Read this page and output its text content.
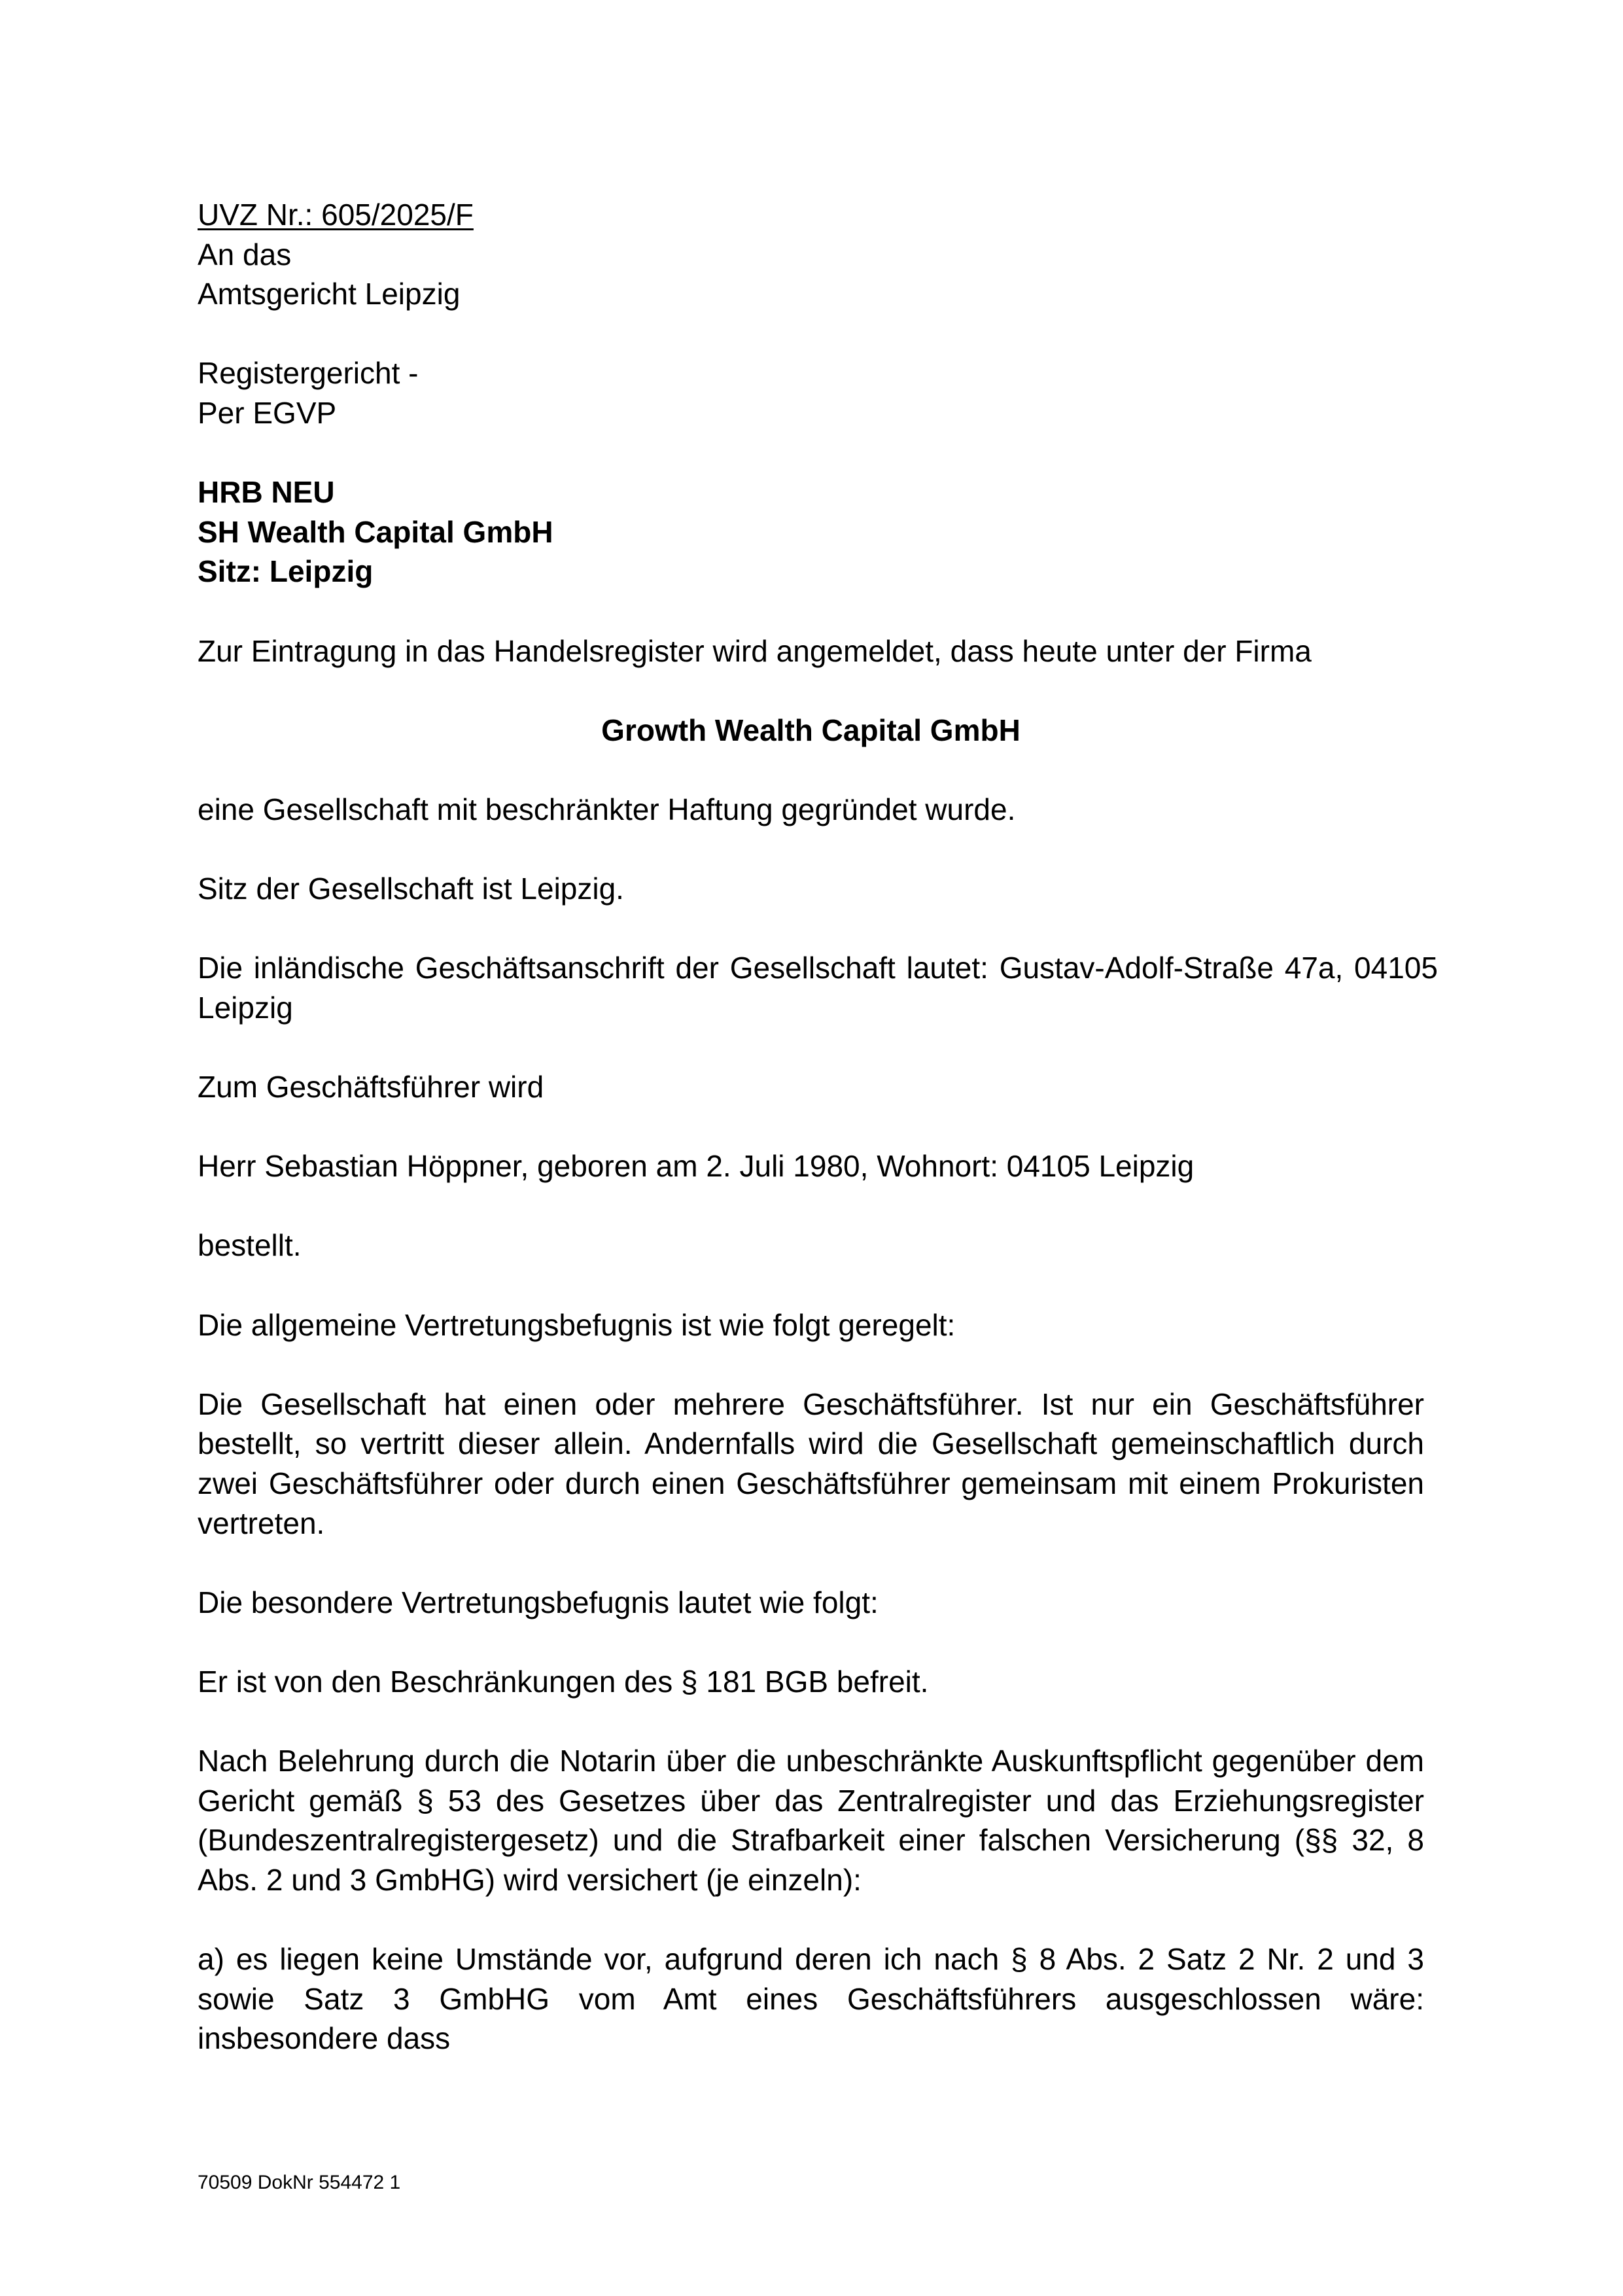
UVZ Nr.: 605/2025/F
An das
Amtsgericht Leipzig
Registergericht -
Per EGVP
HRB NEU
SH Wealth Capital GmbH
Sitz: Leipzig
Zur Eintragung in das Handelsregister wird angemeldet, dass heute unter der Firma
Growth Wealth Capital GmbH
eine Gesellschaft mit beschränkter Haftung gegründet wurde.
Sitz der Gesellschaft ist Leipzig.
Die inländische Geschäftsanschrift der Gesellschaft lautet: Gustav-Adolf-Straße 47a, 04105
Leipzig
Zum Geschäftsführer wird
Herr Sebastian Höppner, geboren am 2. Juli 1980, Wohnort: 04105 Leipzig
bestellt.
Die allgemeine Vertretungsbefugnis ist wie folgt geregelt:

Die Gesellschaft hat einen oder mehrere Geschäftsführer. Ist nur ein Geschäftsführer bestellt, so vertritt dieser allein. Andernfalls wird die Gesellschaft gemeinschaftlich durch zwei Geschäftsführer oder durch einen Geschäftsführer gemeinsam mit einem Prokuristen vertreten.

Die besondere Vertretungsbefugnis lautet wie folgt:
Er ist von den Beschränkungen des § 181 BGB befreit.

Nach Belehrung durch die Notarin über die unbeschränkte Auskunftspflicht gegenüber dem Gericht gemäß § 53 des Gesetzes über das Zentralregister und das Erziehungsregister (Bundeszentralregistergesetz) und die Strafbarkeit einer falschen Versicherung (§§ 32, 8 Abs. 2 und 3 GmbHG) wird versichert (je einzeln):

a) es liegen keine Umstände vor, aufgrund deren ich nach § 8 Abs. 2 Satz 2 Nr. 2 und 3 sowie Satz 3 GmbHG vom Amt eines Geschäftsführers ausgeschlossen wäre: insbesondere dass

70509 DokNr 554472 1
